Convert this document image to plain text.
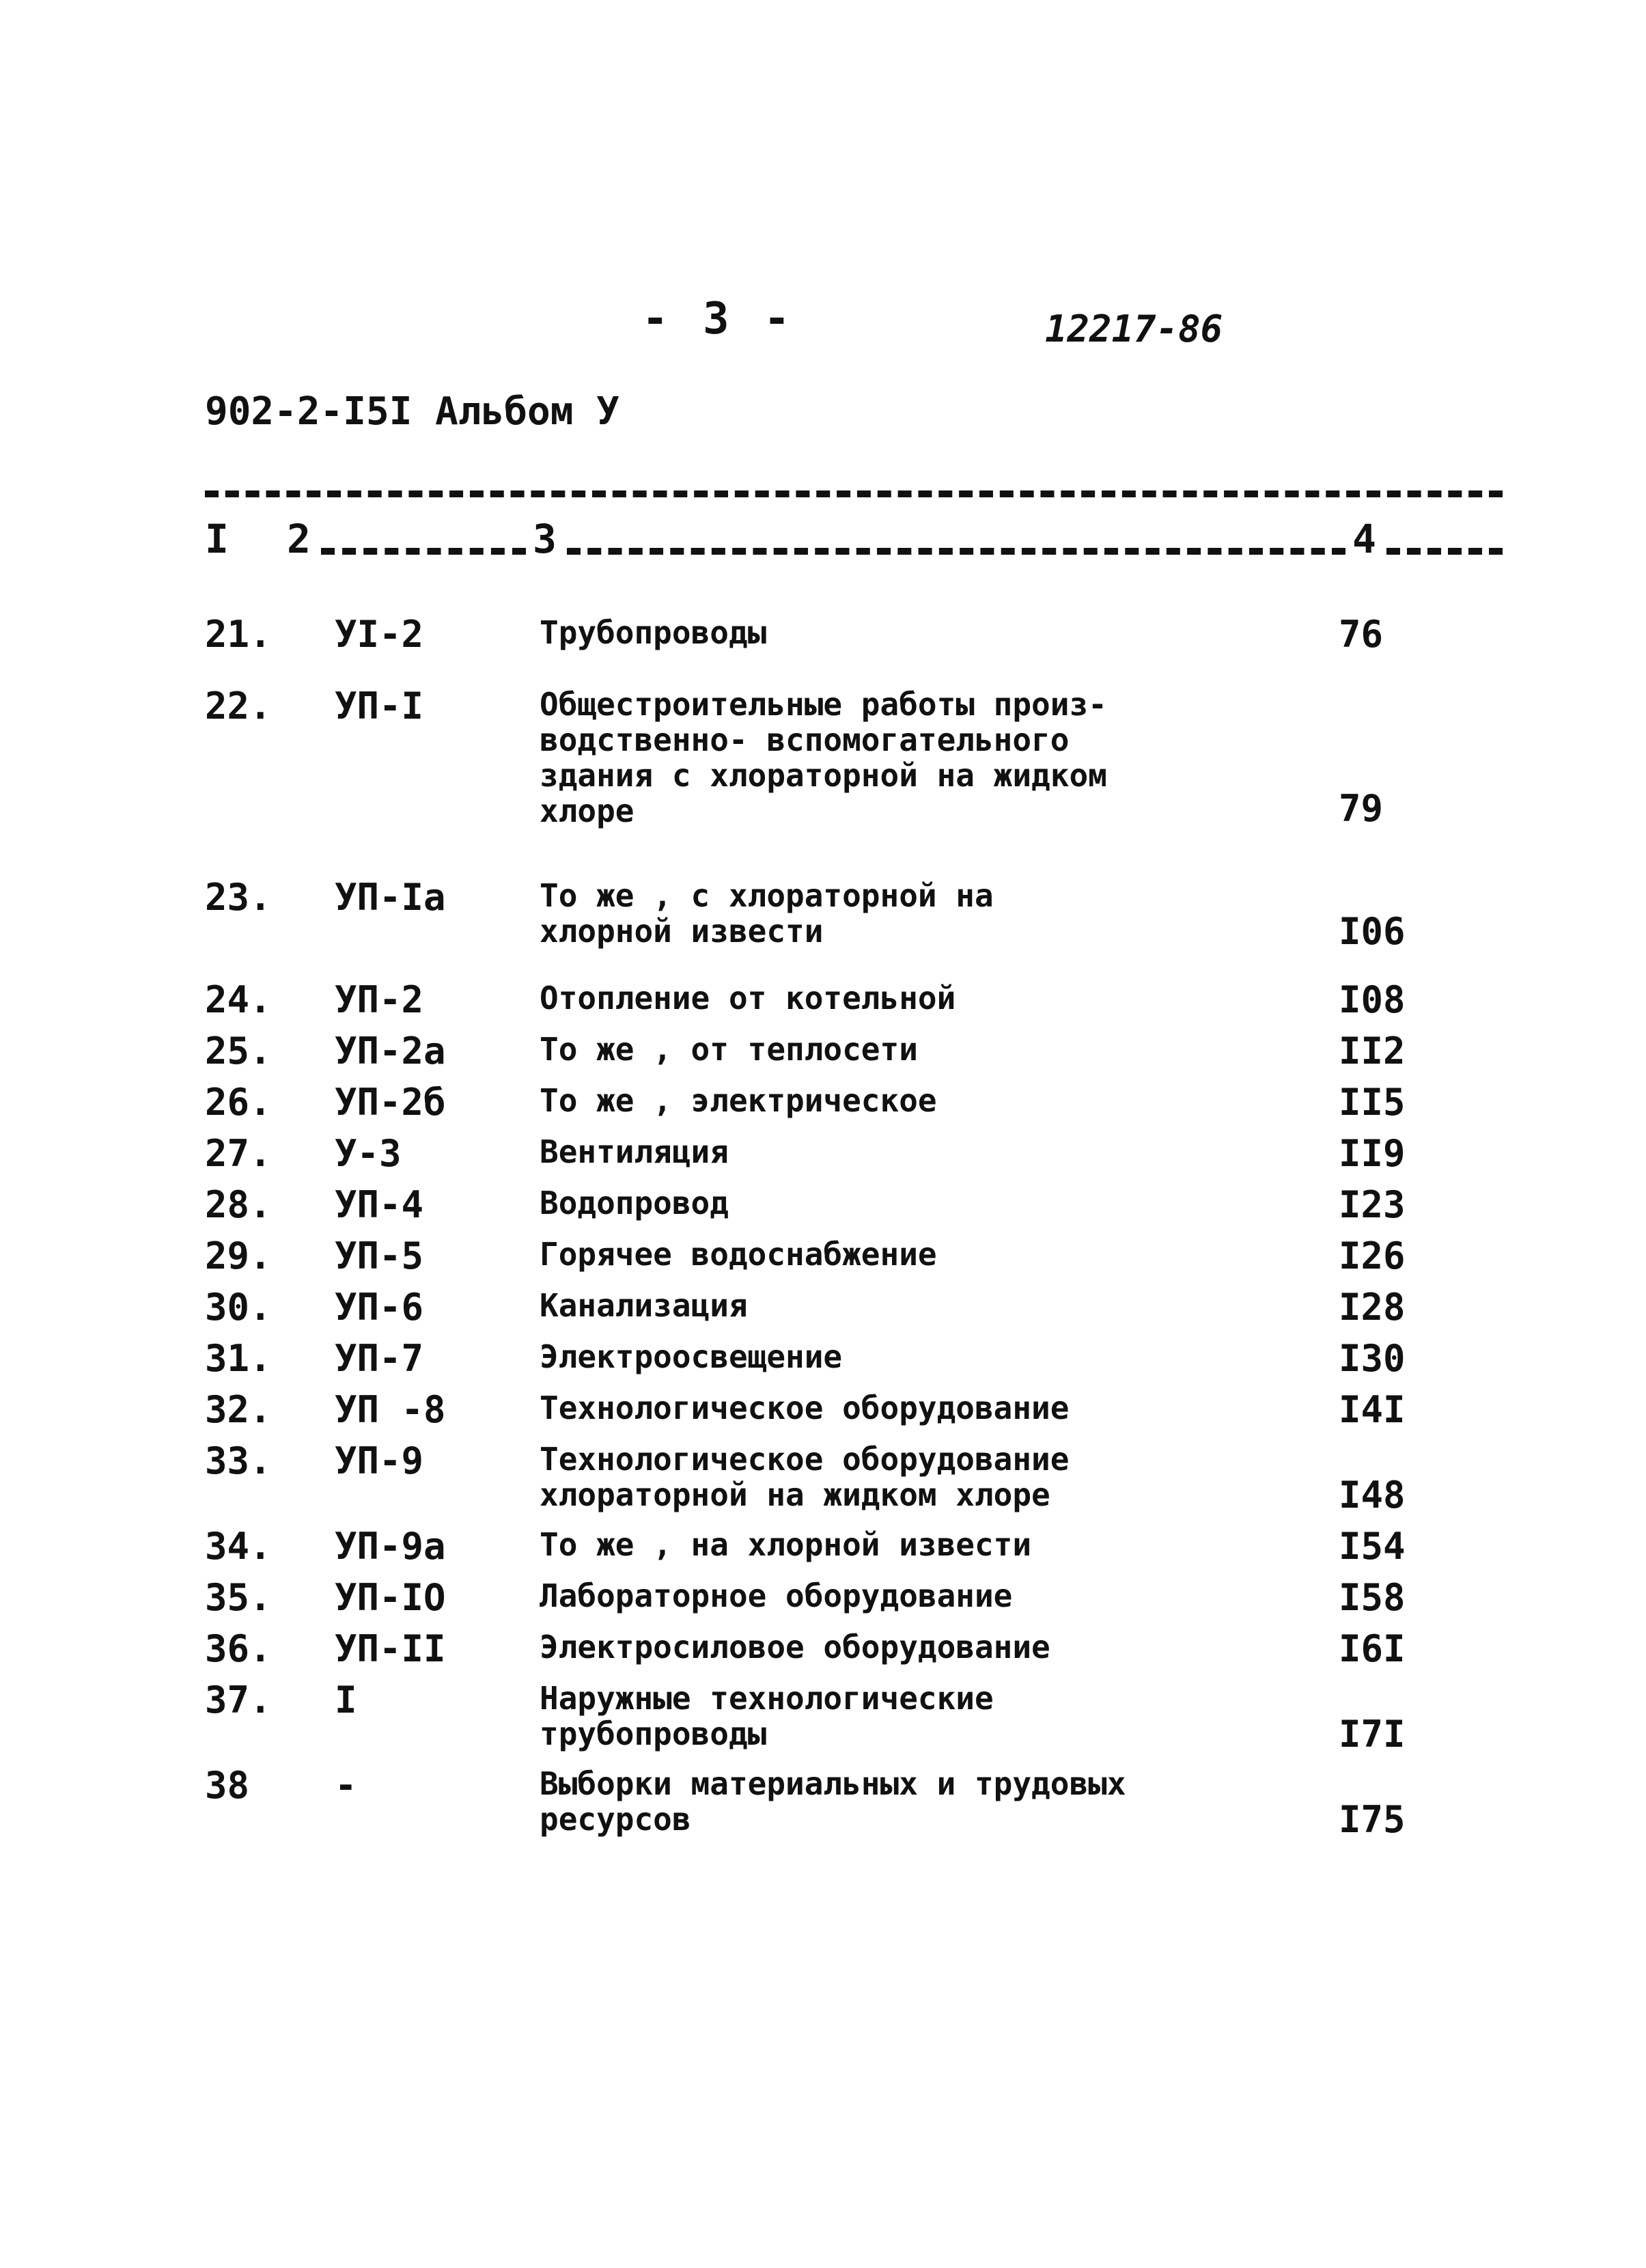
- 3 -	12217-86
902-2-I5I Альбом У
I 2	3	4
21. УI-2	Трубопроводы	76
22. УП-I	Общестроительные работы произ-
водственно- вспомогательного
здания с хлораторной на жидком
хлоре	79
23. УП-Iа	То же , с хлораторной на
хлорной извести	I06
24. УП-2	Отопление от котельной	I08
25. УП-2а	То же , от теплосети	II2
26. УП-2б	То же , электрическое	II5
27. У-3	Вентиляция	II9
28. УП-4	Водопровод	I23
29. УП-5	Горячее водоснабжение	I26
30. УП-6	Канализация	I28
31. УП-7	Электроосвещение	I30
32. УП -8	Технологическое оборудование	I4I
33. УП-9	Технологическое оборудование
хлораторной на жидком хлоре	I48
34. УП-9а	То же , на хлорной извести	I54
35. УП-IO	Лабораторное оборудование	I58
36. УП-II	Электросиловое оборудование	I6I
37. I	Наружные технологические
трубопроводы	I7I
38 -	Выборки материальных и трудовых
ресурсов	I75
